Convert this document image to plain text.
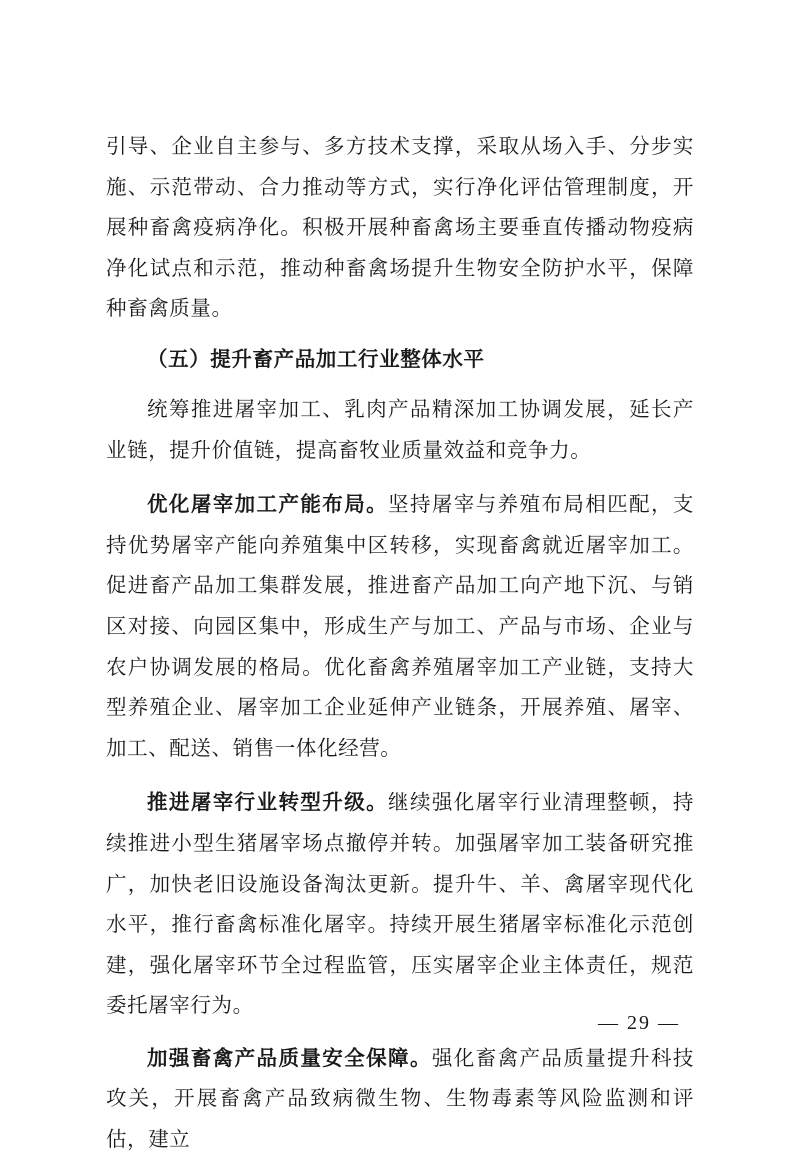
引导、企业自主参与、多方技术支撑，采取从场入手、分步实施、示范带动、合力推动等方式，实行净化评估管理制度，开展种畜禽疫病净化。积极开展种畜禽场主要垂直传播动物疫病净化试点和示范，推动种畜禽场提升生物安全防护水平，保障种畜禽质量。

（五）提升畜产品加工行业整体水平

统筹推进屠宰加工、乳肉产品精深加工协调发展，延长产业链，提升价值链，提高畜牧业质量效益和竞争力。

优化屠宰加工产能布局。坚持屠宰与养殖布局相匹配，支持优势屠宰产能向养殖集中区转移，实现畜禽就近屠宰加工。促进畜产品加工集群发展，推进畜产品加工向产地下沉、与销区对接、向园区集中，形成生产与加工、产品与市场、企业与农户协调发展的格局。优化畜禽养殖屠宰加工产业链，支持大型养殖企业、屠宰加工企业延伸产业链条，开展养殖、屠宰、加工、配送、销售一体化经营。

推进屠宰行业转型升级。继续强化屠宰行业清理整顿，持续推进小型生猪屠宰场点撤停并转。加强屠宰加工装备研究推广，加快老旧设施设备淘汰更新。提升牛、羊、禽屠宰现代化水平，推行畜禽标准化屠宰。持续开展生猪屠宰标准化示范创建，强化屠宰环节全过程监管，压实屠宰企业主体责任，规范委托屠宰行为。

加强畜禽产品质量安全保障。强化畜禽产品质量提升科技攻关，开展畜禽产品致病微生物、生物毒素等风险监测和评估，建立

— 29 —
